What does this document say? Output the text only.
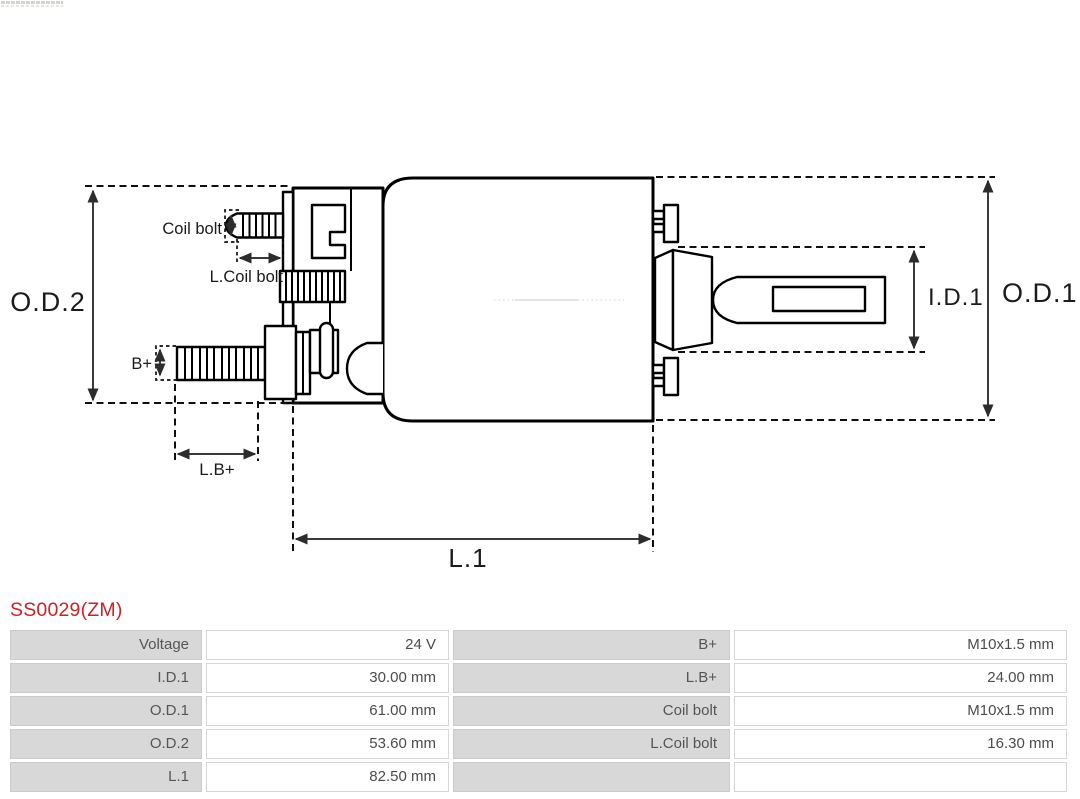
O.D.2	O.D.1
I.D.1
L.1
Coil bolt
L.Coil bolt
B+
L.B+
SS0029(ZM)
Voltage	24 V	B+	M10x1.5 mm
I.D.1	30.00 mm	L.B+	24.00 mm
O.D.1	61.00 mm	Coil bolt	M10x1.5 mm
O.D.2	53.60 mm	L.Coil bolt	16.30 mm
L.1	82.50 mm
